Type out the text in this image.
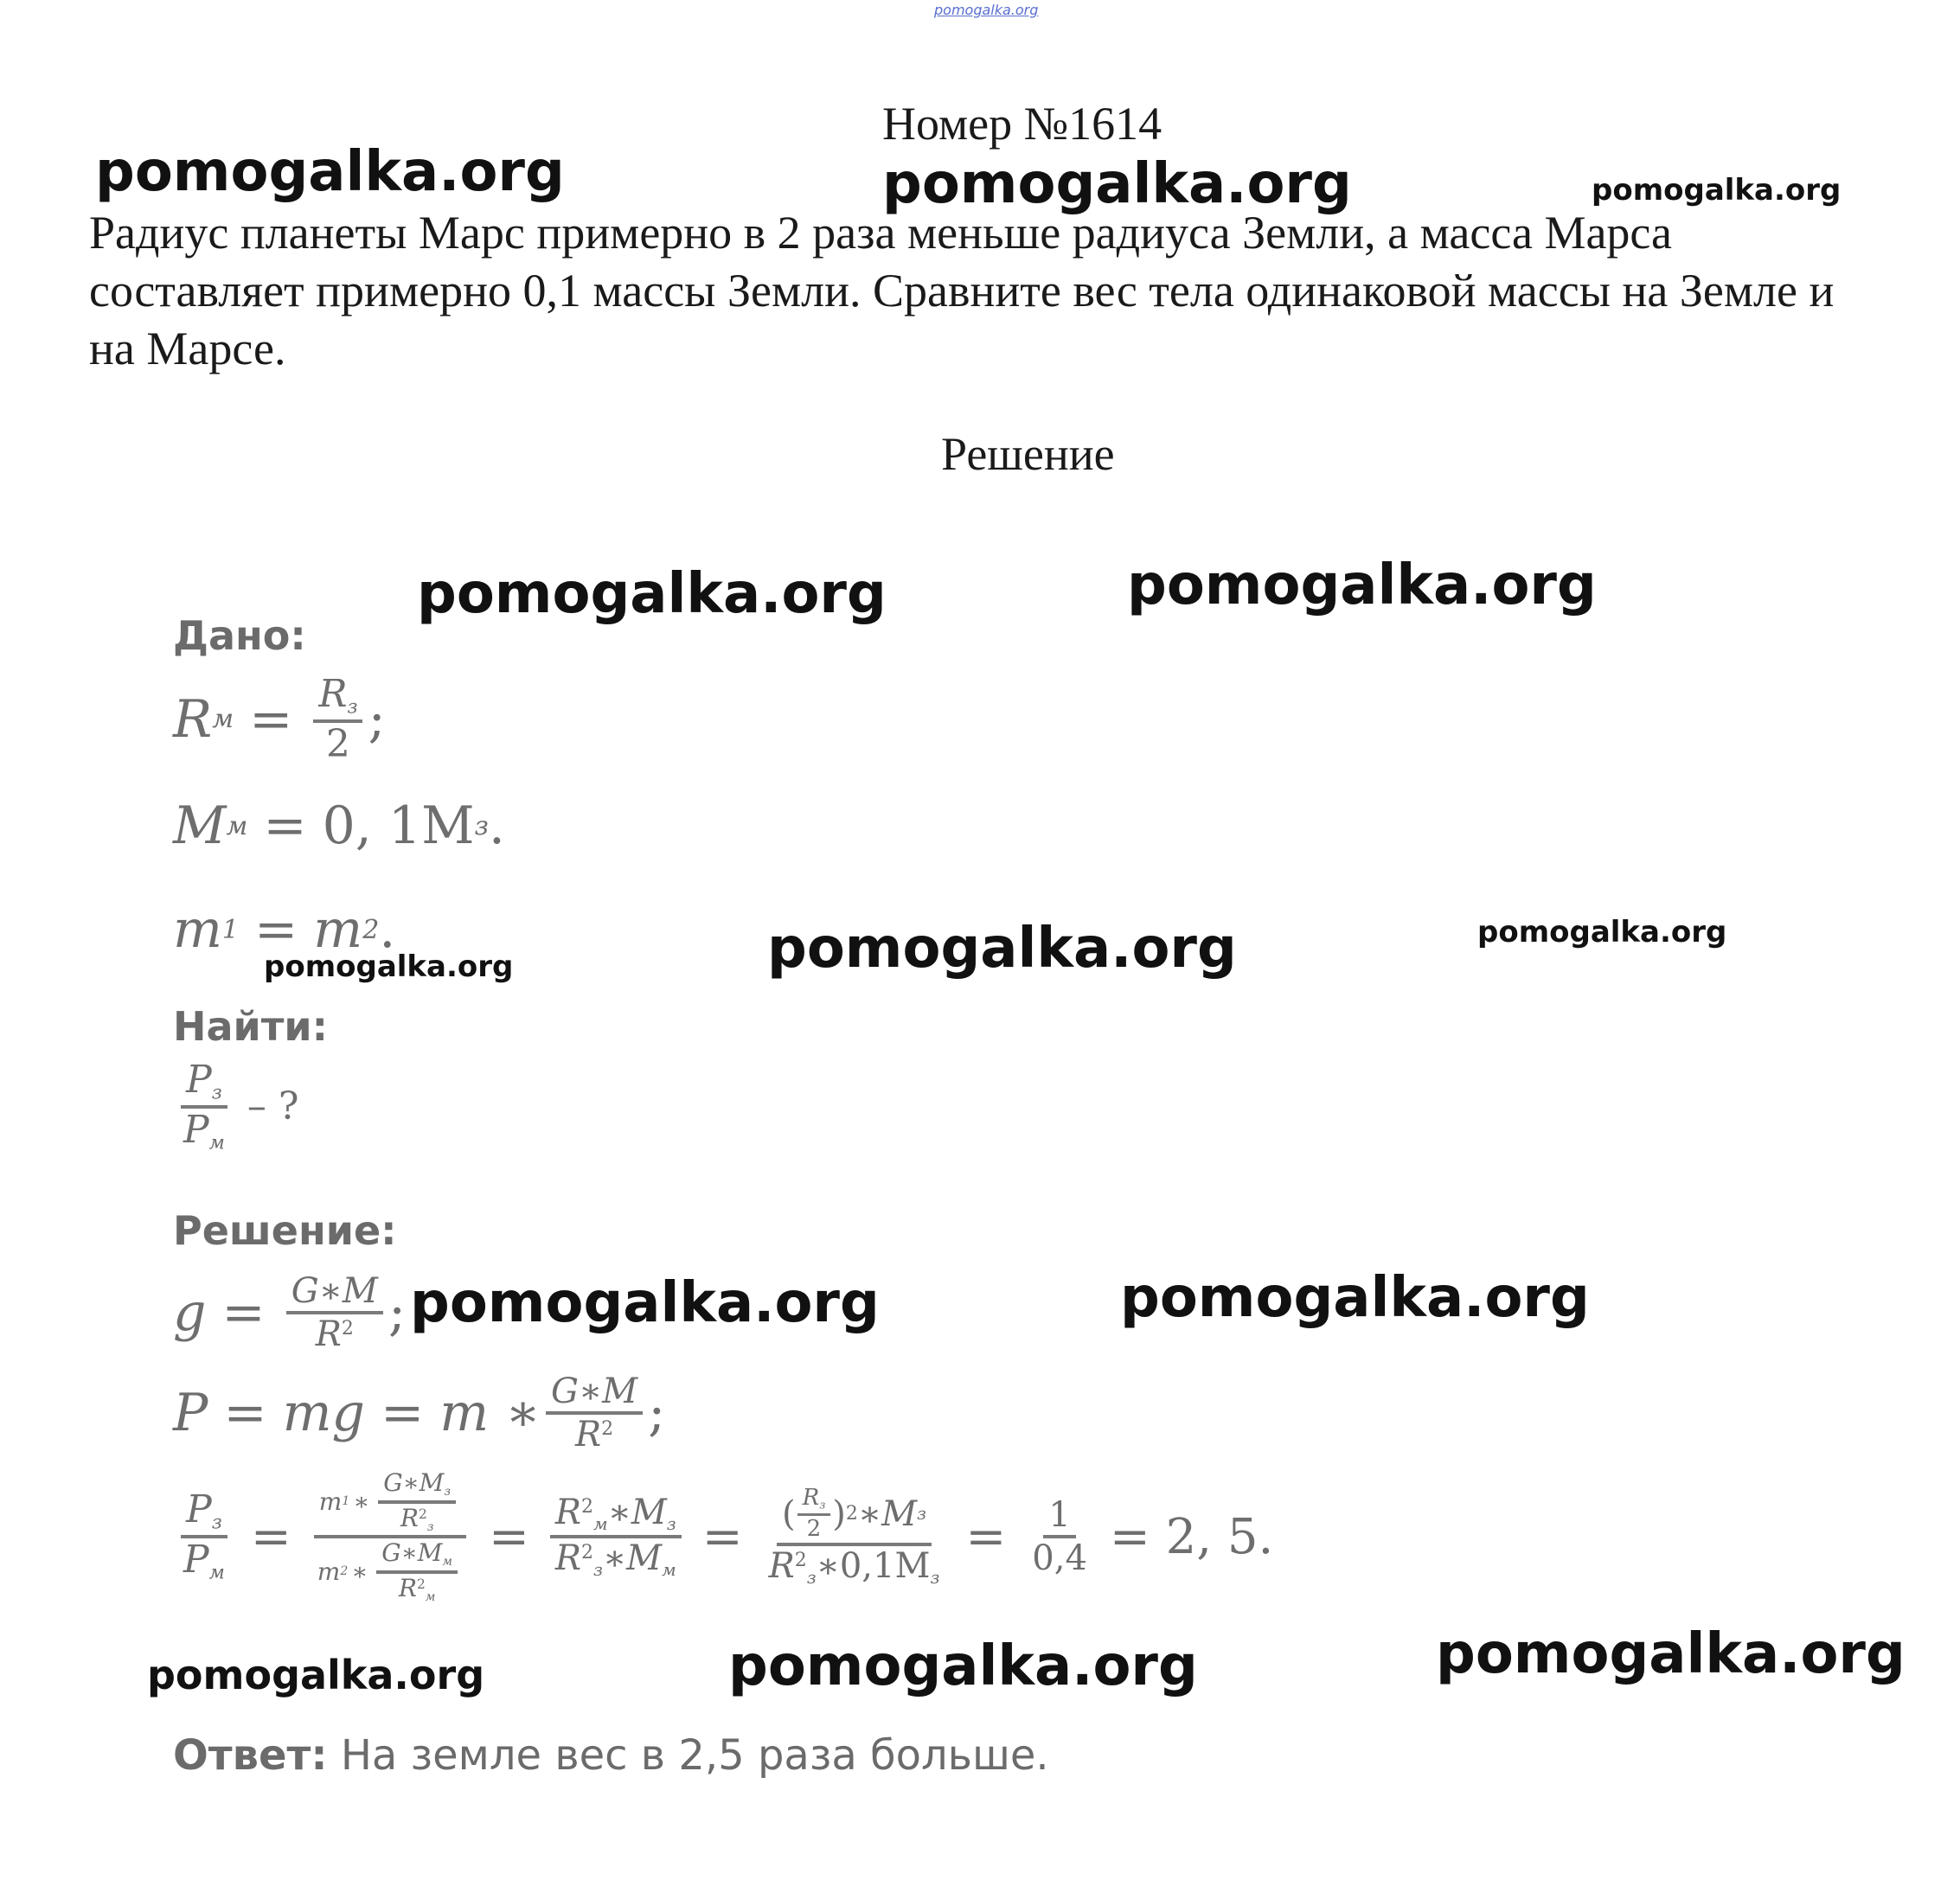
pomogalka.org
Номер №1614
pomogalka.org	pomogalka.org	pomogalka.org
Радиус планеты Марс примерно в 2 раза меньше радиуса Земли, а масса Марса составляет примерно 0,1 массы Земли. Сравните вес тела одинаковой массы на Земле и на Марсе.
Решение
pomogalka.org	pomogalka.org
Дано:
R $м = \frac{R_з}{2}$ ;
M м = 0, 1M з .
m 1 = m 2 .
pomogalka.org	pomogalka.org	pomogalka.org
Найти:
$\frac{P_з}{P_м}$ – ?
Решение:
$g = \frac{G∗M}{R^2}$ ; pomogalka.org	pomogalka.org
P = mg = m ∗ $\frac{G∗M}{R^2}$ ;
$\frac{P_з}{P_м} = \frac{m 1 ∗ \frac{G∗M_з}{R^2_з}}{m 2 ∗ \frac{G∗M_м}{R^2_м}} = \frac{R^2_м∗M_з}{R^2_з∗M_м} = \frac{( \frac{R_з}{2} ) 2 ∗M з}{R^2_з∗0,1M_з} = \frac{1}{0,4} = 2$, 5.
pomogalka.org	pomogalka.org	pomogalka.org
Ответ: На земле вес в 2,5 раза больше.
